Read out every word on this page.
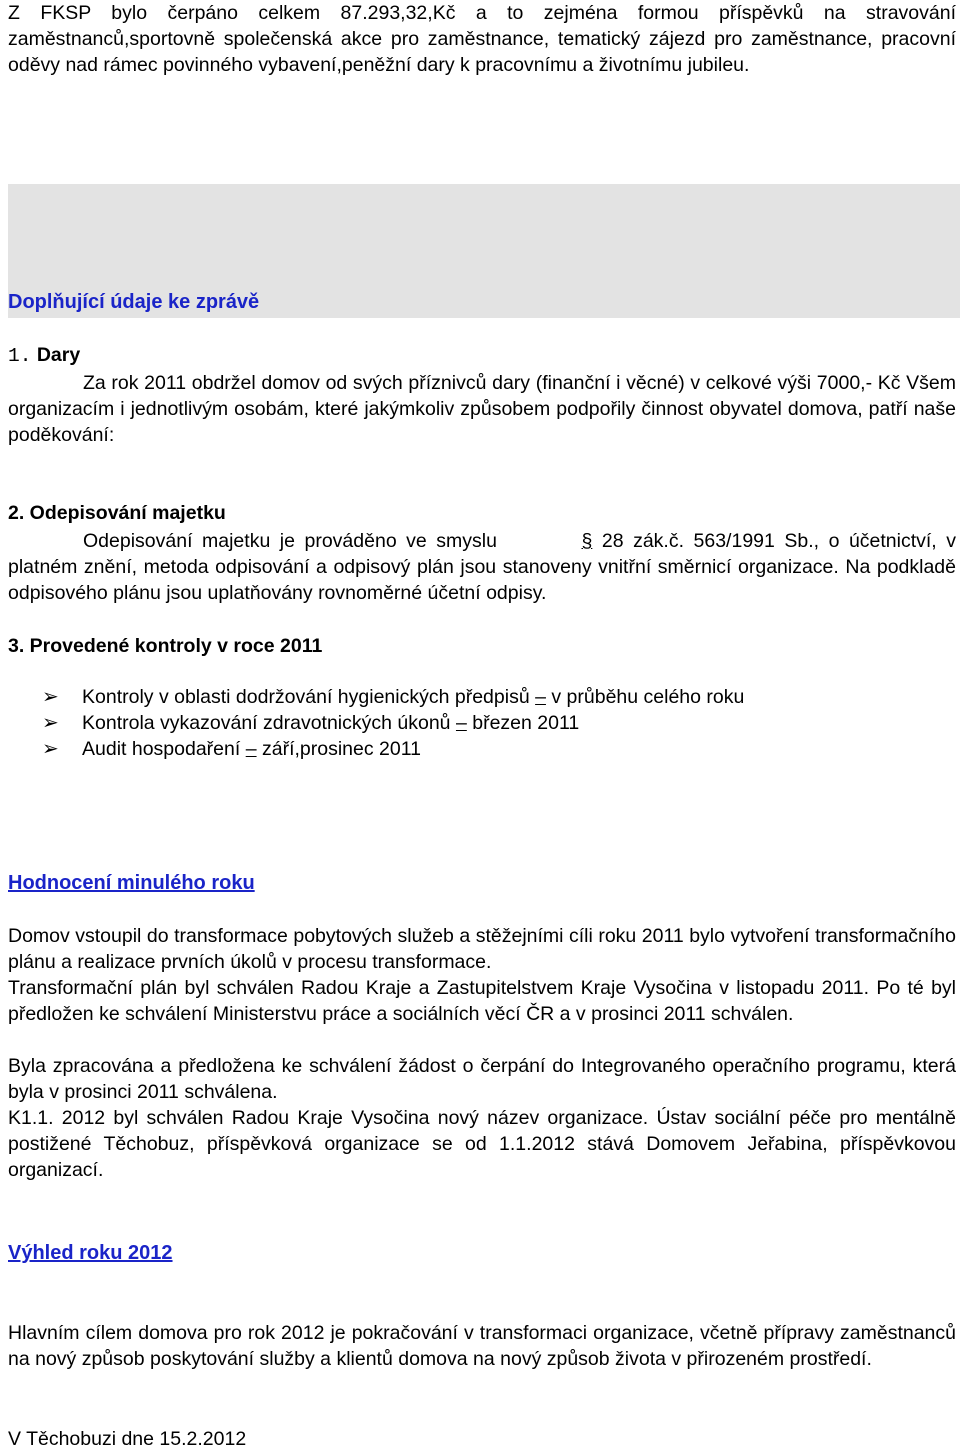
Z FKSP bylo čerpáno celkem 87.293,32,Kč a to zejména formou příspěvků na stravování zaměstnanců,sportovně společenská akce pro zaměstnance, tematický zájezd pro zaměstnance, pracovní oděvy nad rámec povinného vybavení,peněžní dary k pracovnímu a životnímu jubileu.

Doplňující údaje ke zprávě

1. Dary

Za rok 2011 obdržel domov od svých příznivců dary (finanční i věcné) v celkové výši 7000,- Kč Všem organizacím i jednotlivým osobám, které jakýmkoliv způsobem podpořily činnost obyvatel domova, patří naše poděkování:

2. Odepisování majetku

Odepisování majetku je prováděno ve smyslu	§ 28 zák.č. 563/1991 Sb., o účetnictví, v platném znění, metoda odpisování a odpisový plán jsou stanoveny vnitřní směrnicí organizace. Na podkladě odpisového plánu jsou uplatňovány rovnoměrné účetní odpisy.

3. Provedené kontroly v roce 2011

➢ Kontroly v oblasti dodržování hygienických předpisů – v průběhu celého roku
➢ Kontrola vykazování zdravotnických úkonů – březen 2011
➢ Audit hospodaření – září,prosinec 2011

Hodnocení minulého roku

Domov vstoupil do transformace pobytových služeb a stěžejními cíli roku 2011 bylo vytvoření transformačního plánu a realizace prvních úkolů v procesu transformace.

Transformační plán byl schválen Radou Kraje a Zastupitelstvem Kraje Vysočina v listopadu 2011. Po té byl předložen ke schválení Ministerstvu práce a sociálních věcí ČR a v prosinci 2011 schválen.

Byla zpracována a předložena ke schválení žádost o čerpání do Integrovaného operačního programu, která byla v prosinci 2011 schválena.

K1.1. 2012 byl schválen Radou Kraje Vysočina nový název organizace. Ústav sociální péče pro mentálně postižené Těchobuz, příspěvková organizace se od 1.1.2012 stává Domovem Jeřabina, příspěvkovou organizací.

Výhled roku 2012

Hlavním cílem domova pro rok 2012 je pokračování v transformaci organizace, včetně přípravy zaměstnanců na nový způsob poskytování služby a klientů domova na nový způsob života v přirozeném prostředí.

V Těchobuzi dne 15.2.2012
